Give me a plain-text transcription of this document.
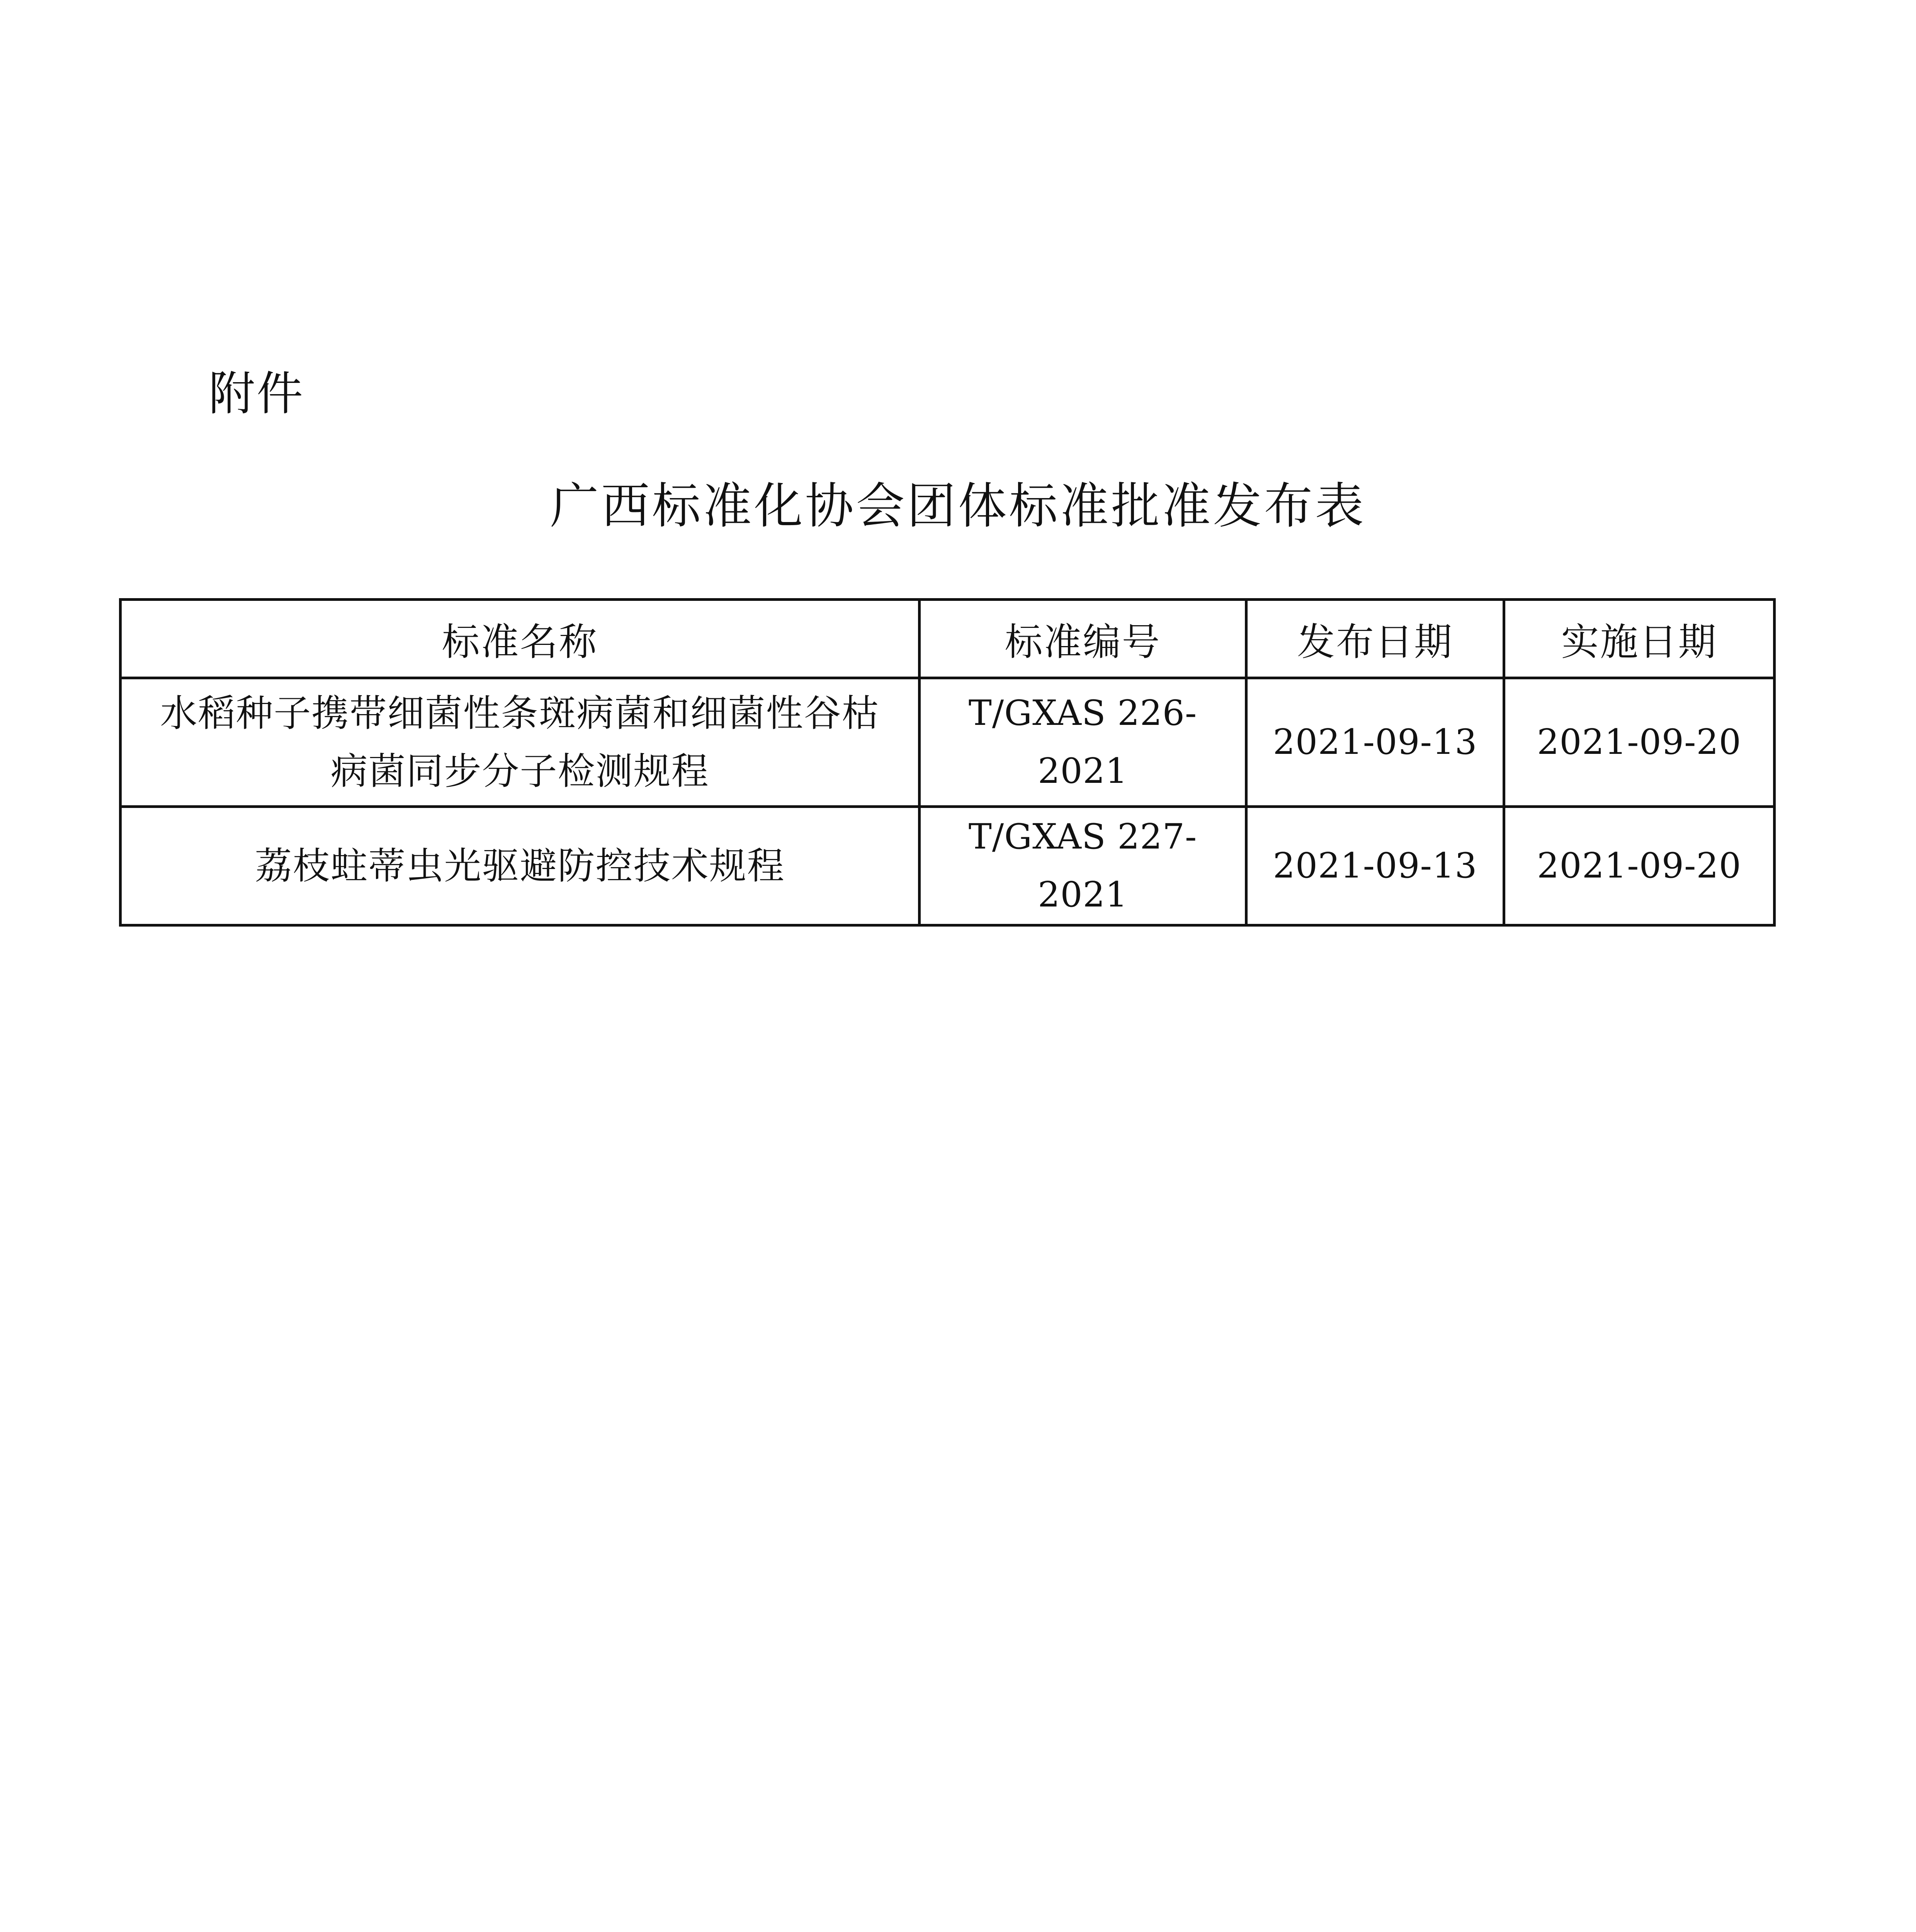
附件
广西标准化协会团体标准批准发布表
标准名称	标准编号	发布日期	实施日期
水稻种子携带细菌性条斑病菌和细菌性谷枯病菌同步分子检测规程	T/GXAS 226-2021	2021-09-13	2021-09-20
荔枝蛀蒂虫光驱避防控技术规程	T/GXAS 227-2021	2021-09-13	2021-09-20
